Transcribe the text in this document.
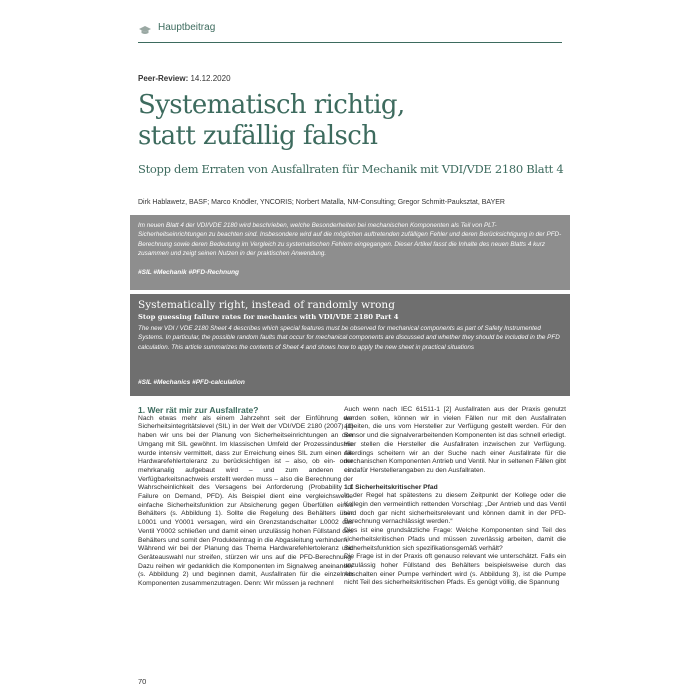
Hauptbeitrag
Peer-Review: 14.12.2020
Systematisch richtig,
statt zufällig falsch
Stopp dem Erraten von Ausfallraten für Mechanik mit VDI/VDE 2180 Blatt 4
Dirk Hablawetz, BASF; Marco Knödler, YNCORIS; Norbert Matalla, NM-Consulting; Gregor Schmitt-Pauksztat, BAYER

Im neuen Blatt 4 der VDI/VDE 2180 wird beschrieben, welche Besonderheiten bei mechanischen Komponenten als Teil von PLT-Sicherheitseinrichtungen zu beachten sind. Insbesondere wird auf die möglichen auftretenden zufälligen Fehler und deren Berücksichtigung in der PFD-Berechnung sowie deren Bedeutung im Vergleich zu systematischen Fehlern eingegangen. Dieser Artikel fasst die Inhalte des neuen Blatts 4 kurz zusammen und zeigt seinen Nutzen in der praktischen Anwendung.

#SIL #Mechanik #PFD-Rechnung
Systematically right, instead of randomly wrong
Stop guessing failure rates for mechanics with VDI/VDE 2180 Part 4

The new VDI / VDE 2180 Sheet 4 describes which special features must be observed for mechanical components as part of Safety Instrumented Systems. In particular, the possible random faults that occur for mechanical components are discussed and whether they should be included in the PFD calculation. This article summarizes the contents of Sheet 4 and shows how to apply the new sheet in practical situations

#SIL #Mechanics #PFD-calculation

1. Wer rät mir zur Ausfallrate?

Nach etwas mehr als einem Jahrzehnt seit der Einführung der Sicherheitsintegritätslevel (SIL) in der Welt der VDI/VDE 2180 (2007) [1] haben wir uns bei der Planung von Sicherheitseinrichtungen an den Umgang mit SIL gewöhnt. Im klassischen Umfeld der Prozessindustrie wurde intensiv vermittelt, dass zur Erreichung eines SIL zum einen die Hardwarefehlertoleranz zu berücksichtigen ist – also, ob ein- oder mehrkanalig aufgebaut wird – und zum anderen ein Verfügbarkeitsnachweis erstellt werden muss – also die Berechnung der Wahrscheinlichkeit des Versagens bei Anforderung (Probability of Failure on Demand, PFD). Als Beispiel dient eine vergleichsweise einfache Sicherheitsfunktion zur Absicherung gegen Überfüllen eines Behälters (s. Abbildung 1). Sollte die Regelung des Behälters über L0001 und Y0001 versagen, wird ein Grenzstandschalter L0002 das Ventil Y0002 schließen und damit einen unzulässig hohen Füllstand des Behälters und somit den Produkteintrag in die Abgasleitung verhindern.

Während wir bei der Planung das Thema Hardwarefehlertoleranz und Geräteauswahl nur streifen, stürzen wir uns auf die PFD-Berechnung. Dazu reihen wir gedanklich die Komponenten im Signalweg aneinander (s. Abbildung 2) und beginnen damit, Ausfallraten für die einzelnen Komponenten zusammenzutragen. Denn: Wir müssen ja rechnen!

Auch wenn nach IEC 61511-1 [2] Ausfallraten aus der Praxis genutzt werden sollen, können wir in vielen Fällen nur mit den Ausfallraten arbeiten, die uns vom Hersteller zur Verfügung gestellt werden. Für den Sensor und die signalverarbeitenden Komponenten ist das schnell erledigt. Hier stellen die Hersteller die Ausfallraten inzwischen zur Verfügung. Allerdings scheitern wir an der Suche nach einer Ausfallrate für die mechanischen Komponenten Antrieb und Ventil. Nur in seltenen Fällen gibt es dafür Herstellerangaben zu den Ausfallraten.

1.1 Sicherheitskritischer Pfad

In der Regel hat spätestens zu diesem Zeitpunkt der Kollege oder die Kollegin den vermeintlich rettenden Vorschlag: „Der Antrieb und das Ventil sind doch gar nicht sicherheitsrelevant und können damit in der PFD-Berechnung vernachlässigt werden.“

Dies ist eine grundsätzliche Frage: Welche Komponenten sind Teil des sicherheitskritischen Pfads und müssen zuverlässig arbeiten, damit die Sicherheitsfunktion sich spezifikationsgemäß verhält?

Die Frage ist in der Praxis oft genauso relevant wie unterschätzt. Falls ein unzulässig hoher Füllstand des Behälters beispielsweise durch das Abschalten einer Pumpe verhindert wird (s. Abbildung 3), ist die Pumpe nicht Teil des sicherheitskritischen Pfads. Es genügt völlig, die Spannung

70
